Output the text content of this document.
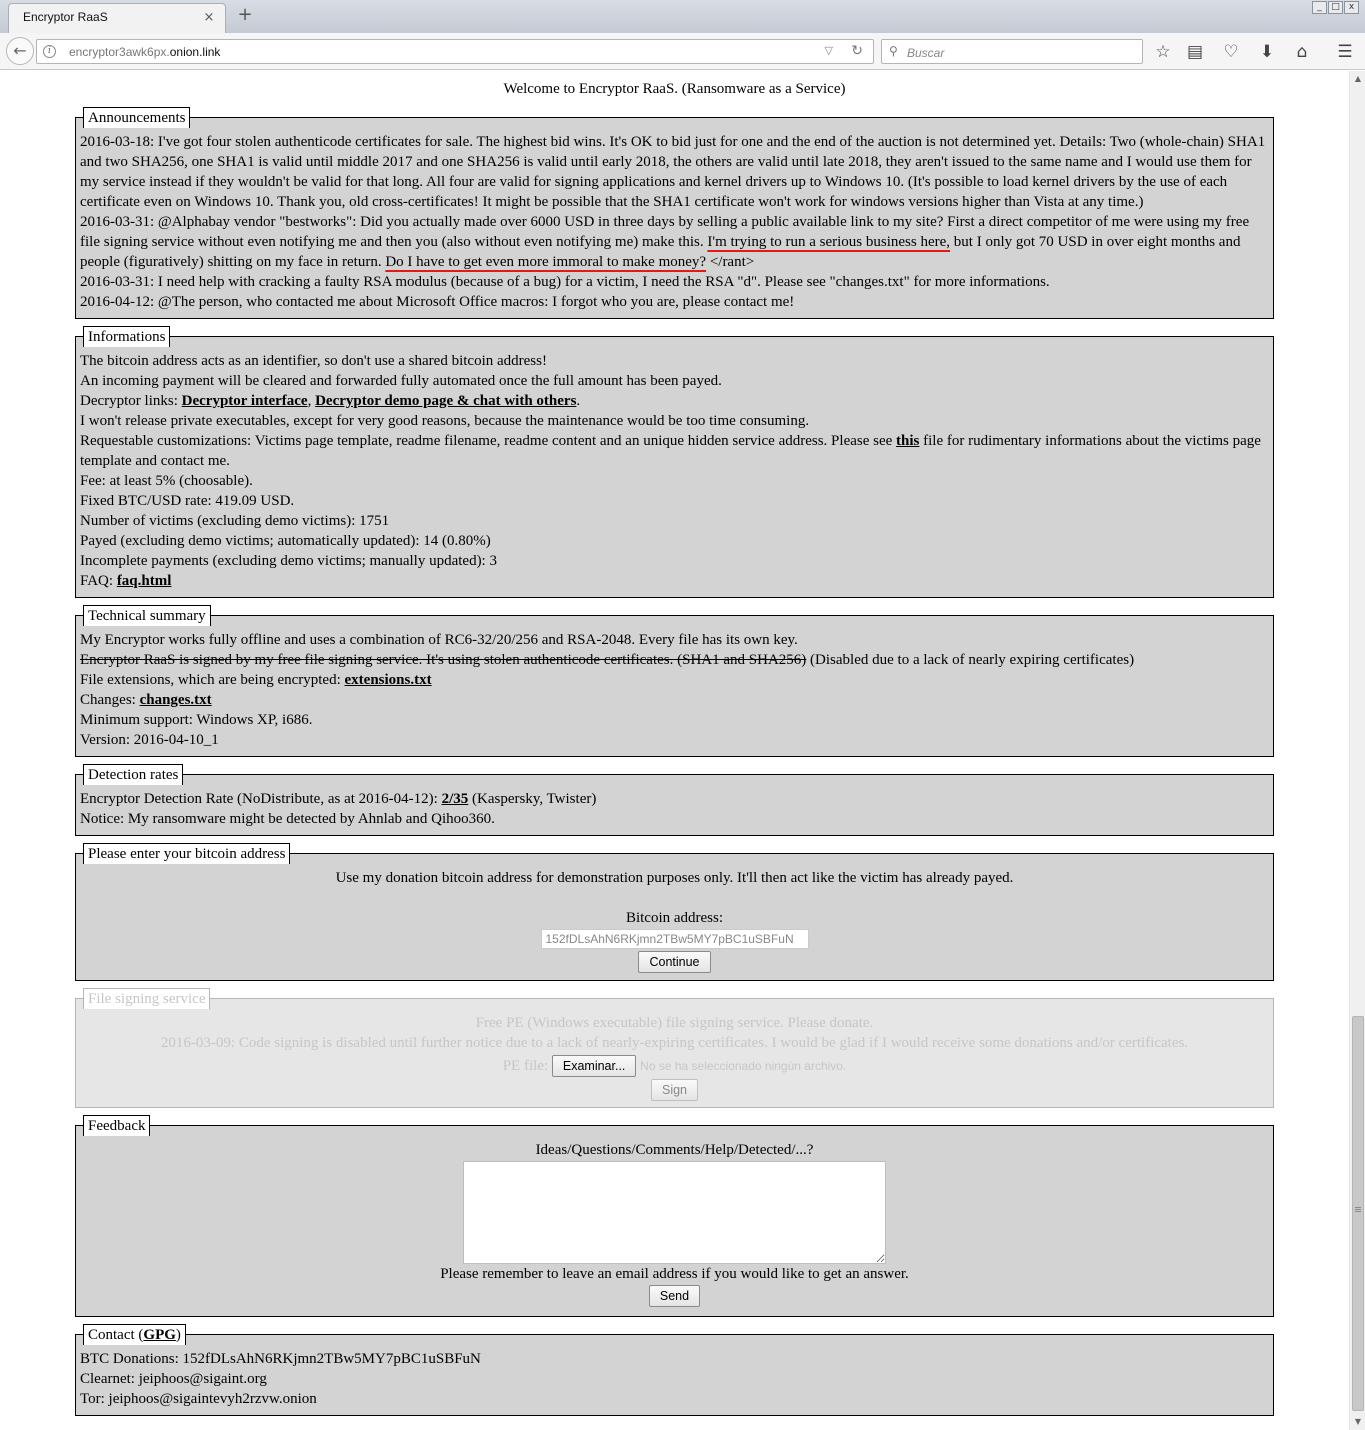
Encryptor RaaS	× +	_	□	x
←	i	encryptor3awk6px.onion.link	▽ ↻ ⚲ Buscar	☆ ▤ ♡ ⬇	⌂	☰
▲
▼
Welcome to Encryptor RaaS. (Ransomware as a Service)
Announcements
2016-03-18: I've got four stolen authenticode certificates for sale. The highest bid wins. It's OK to bid just for one and the end of the auction is not determined yet. Details: Two (whole-chain) SHA1 and two SHA256, one SHA1 is valid until middle 2017 and one SHA256 is valid until early 2018, the others are valid until late 2018, they aren't issued to the same name and I would use them for my service instead if they wouldn't be valid for that long. All four are valid for signing applications and kernel drivers up to Windows 10. (It's possible to load kernel drivers by the use of each certificate even on Windows 10. Thank you, old cross-certificates! It might be possible that the SHA1 certificate won't work for windows versions higher than Vista at any time.)
2016-03-31: @Alphabay vendor "bestworks": Did you actually made over 6000 USD in three days by selling a public available link to my site? First a direct competitor of me were using my free file signing service without even notifying me and then you (also without even notifying me) make this. I'm trying to run a serious business here, but I only got 70 USD in over eight months and people (figuratively) shitting on my face in return. Do I have to get even more immoral to make money? </rant>
2016-03-31: I need help with cracking a faulty RSA modulus (because of a bug) for a victim, I need the RSA "d". Please see "changes.txt" for more informations.
2016-04-12: @The person, who contacted me about Microsoft Office macros: I forgot who you are, please contact me!
Informations
The bitcoin address acts as an identifier, so don't use a shared bitcoin address!
An incoming payment will be cleared and forwarded fully automated once the full amount has been payed.
Decryptor links: Decryptor interface, Decryptor demo page & chat with others.
I won't release private executables, except for very good reasons, because the maintenance would be too time consuming.
Requestable customizations: Victims page template, readme filename, readme content and an unique hidden service address. Please see this file for rudimentary informations about the victims page template and contact me.
Fee: at least 5% (choosable).
Fixed BTC/USD rate: 419.09 USD.
Number of victims (excluding demo victims): 1751
Payed (excluding demo victims; automatically updated): 14 (0.80%)
Incomplete payments (excluding demo victims; manually updated): 3
FAQ: faq.html
Technical summary
My Encryptor works fully offline and uses a combination of RC6-32/20/256 and RSA-2048. Every file has its own key.
Encryptor RaaS is signed by my free file signing service. It's using stolen authenticode certificates. (SHA1 and SHA256) (Disabled due to a lack of nearly expiring certificates)
File extensions, which are being encrypted: extensions.txt
Changes: changes.txt
Minimum support: Windows XP, i686.
Version: 2016-04-10_1
Detection rates
Encryptor Detection Rate (NoDistribute, as at 2016-04-12): 2/35 (Kaspersky, Twister)
Notice: My ransomware might be detected by Ahnlab and Qihoo360.
Please enter your bitcoin address
Use my donation bitcoin address for demonstration purposes only. It'll then act like the victim has already payed.
Bitcoin address:
152fDLsAhN6RKjmn2TBw5MY7pBC1uSBFuN
Continue
File signing service
Free PE (Windows executable) file signing service. Please donate.
2016-03-09: Code signing is disabled until further notice due to a lack of nearly-expiring certificates. I would be glad if I would receive some donations and/or certificates.
PE file: Examinar... No se ha seleccionado ningún archivo.
Sign
Feedback
Ideas/Questions/Comments/Help/Detected/...?
Please remember to leave an email address if you would like to get an answer.
Send
Contact (GPG)
BTC Donations: 152fDLsAhN6RKjmn2TBw5MY7pBC1uSBFuN
Clearnet: jeiphoos@sigaint.org
Tor: jeiphoos@sigaintevyh2rzvw.onion
